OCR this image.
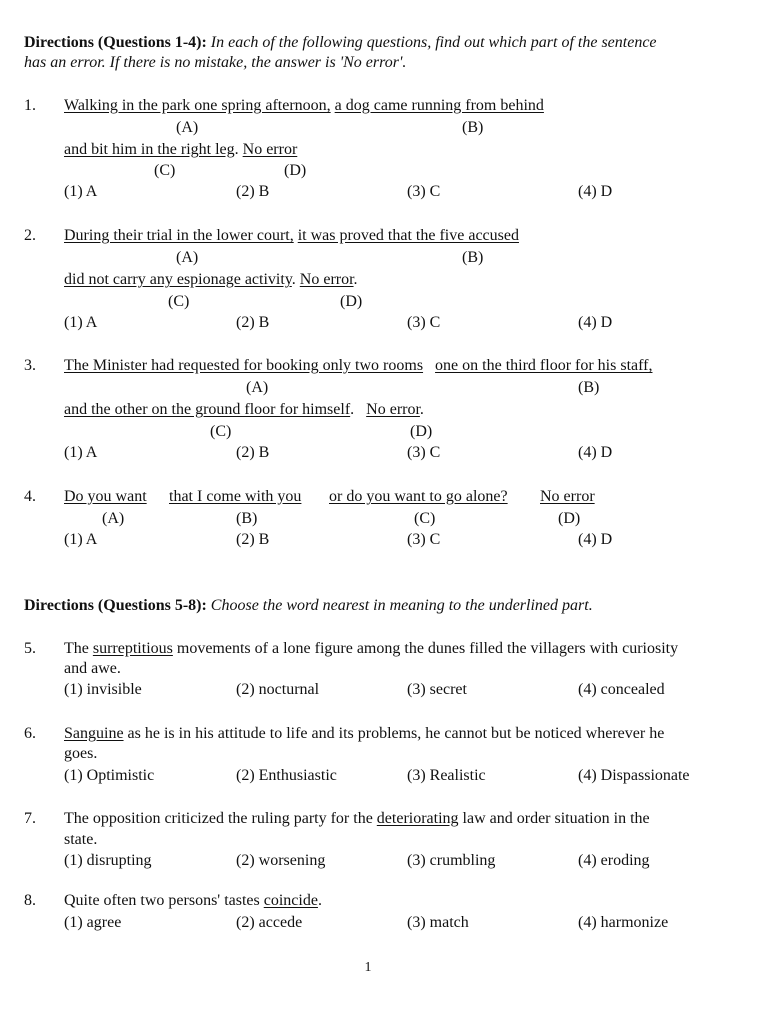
Directions (Questions 1-4): In each of the following questions, find out which part of the sentence
has an error. If there is no mistake, the answer is 'No error'.
1. Walking in the park one spring afternoon, a dog came running from behind
(A)	(B)
and bit him in the right leg. No error
(C)	(D)
(1) A	(2) B	(3) C	(4) D
2. During their trial in the lower court, it was proved that the five accused
(A)	(B)
did not carry any espionage activity. No error.
(C)	(D)
(1) A	(2) B	(3) C	(4) D
3. The Minister had requested for booking only two rooms one on the third floor for his staff,
(A)	(B)
and the other on the ground floor for himself.   No error.
(C)	(D)
(1) A	(2) B	(3) C	(4) D
4. Do you want that I come with you or do you want to go alone? No error
(A)	(B)	(C)	(D)
(1) A	(2) B	(3) C	(4) D
Directions (Questions 5-8): Choose the word nearest in meaning to the underlined part.
5. The surreptitious movements of a lone figure among the dunes filled the villagers with curiosity
and awe.
(1) invisible	(2) nocturnal	(3) secret	(4) concealed
6. Sanguine as he is in his attitude to life and its problems, he cannot but be noticed wherever he
goes.
(1) Optimistic	(2) Enthusiastic	(3) Realistic	(4) Dispassionate
7. The opposition criticized the ruling party for the deteriorating law and order situation in the
state.
(1) disrupting	(2) worsening	(3) crumbling	(4) eroding
8. Quite often two persons' tastes coincide.
(1) agree	(2) accede	(3) match	(4) harmonize
1
